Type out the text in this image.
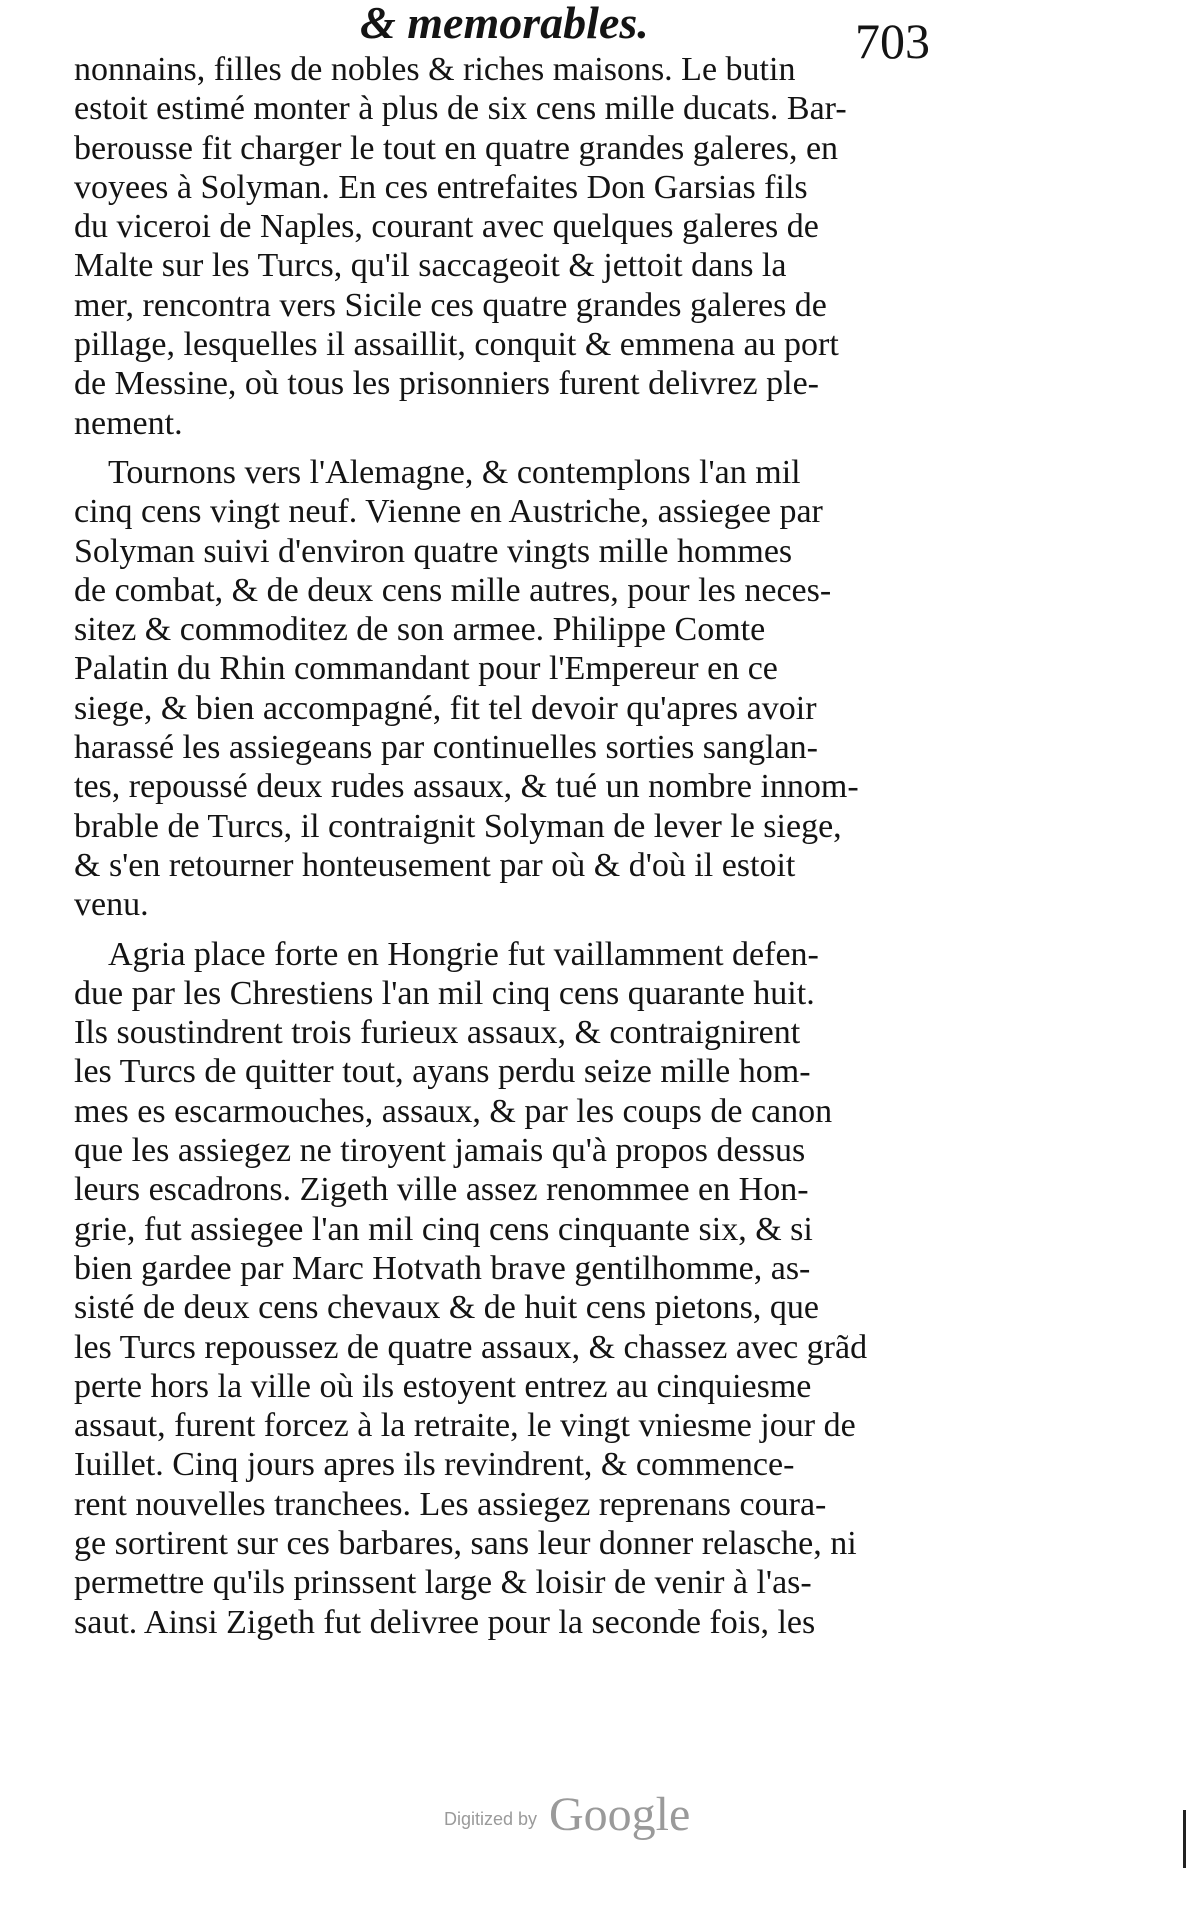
& memorables.	703
nonnains, filles de nobles & riches maisons. Le butin
estoit estimé monter à plus de six cens mille ducats. Bar-
berousse fit charger le tout en quatre grandes galeres, en
voyees à Solyman. En ces entrefaites Don Garsias fils
du viceroi de Naples, courant avec quelques galeres de
Malte sur les Turcs, qu'il saccageoit & jettoit dans la
mer, rencontra vers Sicile ces quatre grandes galeres de
pillage, lesquelles il assaillit, conquit & emmena au port
de Messine, où tous les prisonniers furent delivrez ple-
nement.
Tournons vers l'Alemagne, & contemplons l'an mil
cinq cens vingt neuf. Vienne en Austriche, assiegee par
Solyman suivi d'environ quatre vingts mille hommes
de combat, & de deux cens mille autres, pour les neces-
sitez & commoditez de son armee. Philippe Comte
Palatin du Rhin commandant pour l'Empereur en ce
siege, & bien accompagné, fit tel devoir qu'apres avoir
harassé les assiegeans par continuelles sorties sanglan-
tes, repoussé deux rudes assaux, & tué un nombre innom-
brable de Turcs, il contraignit Solyman de lever le siege,
& s'en retourner honteusement par où & d'où il estoit
venu.
Agria place forte en Hongrie fut vaillamment defen-
due par les Chrestiens l'an mil cinq cens quarante huit.
Ils soustindrent trois furieux assaux, & contraignirent
les Turcs de quitter tout, ayans perdu seize mille hom-
mes es escarmouches, assaux, & par les coups de canon
que les assiegez ne tiroyent jamais qu'à propos dessus
leurs escadrons. Zigeth ville assez renommee en Hon-
grie, fut assiegee l'an mil cinq cens cinquante six, & si
bien gardee par Marc Hotvath brave gentilhomme, as-
sisté de deux cens chevaux & de huit cens pietons, que
les Turcs repoussez de quatre assaux, & chassez avec grãd
perte hors la ville où ils estoyent entrez au cinquiesme
assaut, furent forcez à la retraite, le vingt vniesme jour de
Iuillet. Cinq jours apres ils revindrent, & commence-
rent nouvelles tranchees. Les assiegez reprenans coura-
ge sortirent sur ces barbares, sans leur donner relasche, ni
permettre qu'ils prinssent large & loisir de venir à l'as-
saut. Ainsi Zigeth fut delivree pour la seconde fois, les
Digitized by Google
